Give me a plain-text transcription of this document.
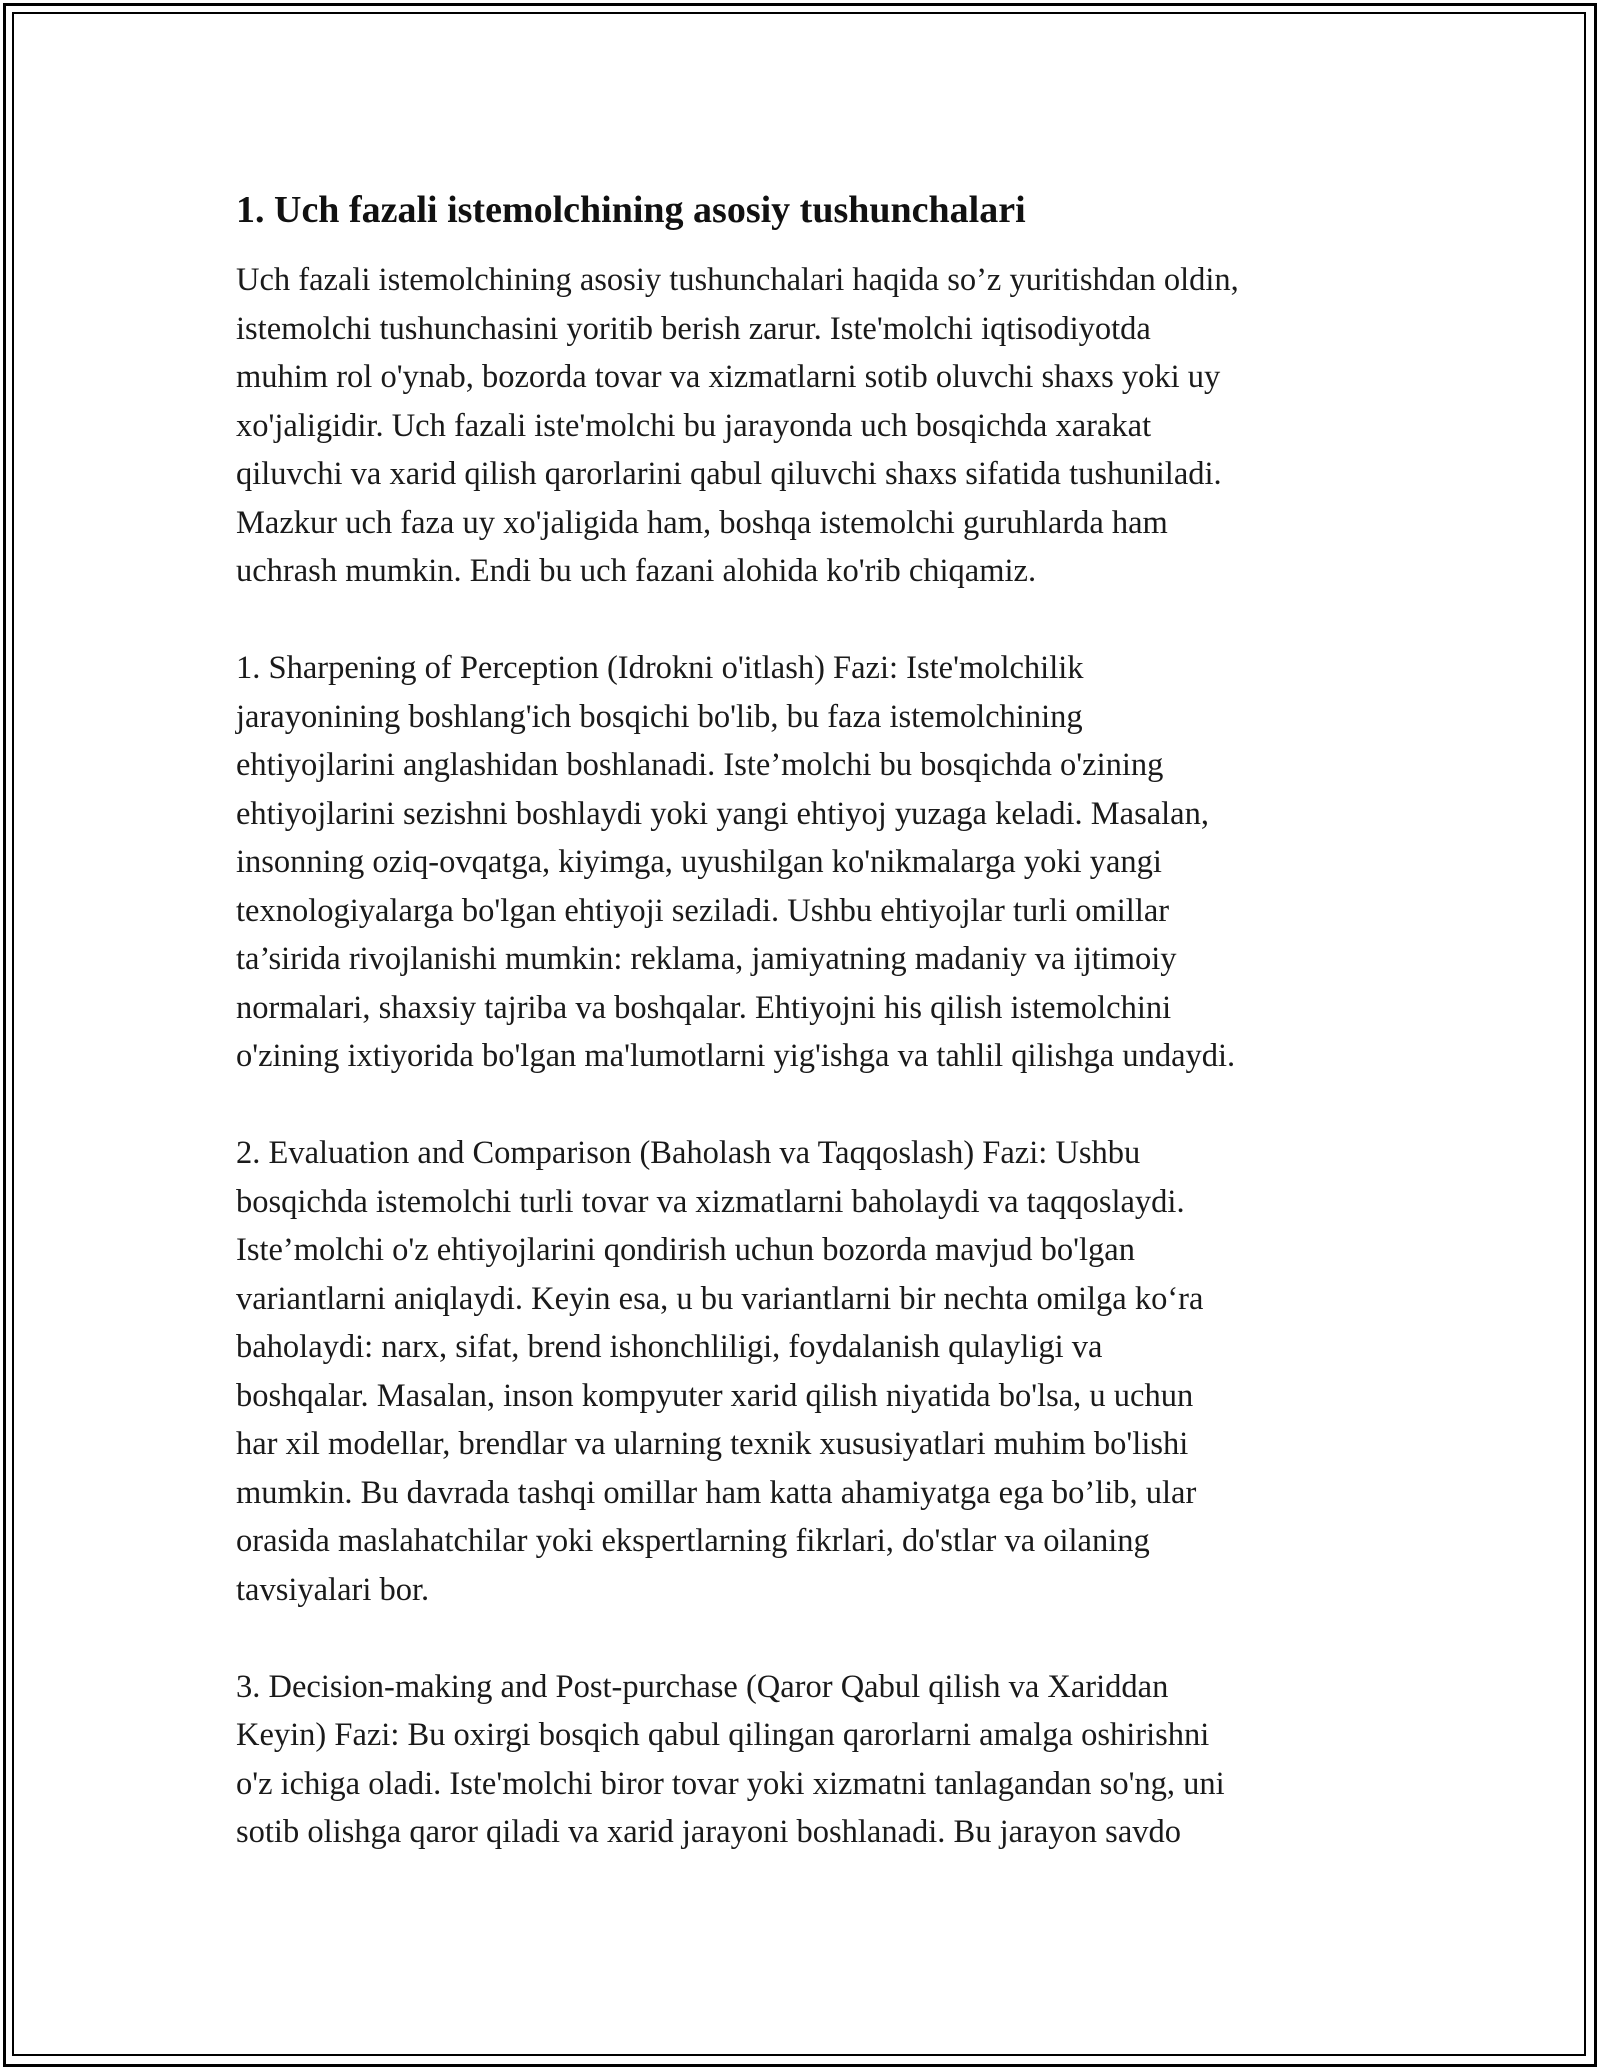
1. Uch fazali istemolchining asosiy tushunchalari

Uch fazali istemolchining asosiy tushunchalari haqida so’z yuritishdan oldin,
istemolchi tushunchasini yoritib berish zarur. Iste'molchi iqtisodiyotda
muhim rol o'ynab, bozorda tovar va xizmatlarni sotib oluvchi shaxs yoki uy
xo'jaligidir. Uch fazali iste'molchi bu jarayonda uch bosqichda xarakat
qiluvchi va xarid qilish qarorlarini qabul qiluvchi shaxs sifatida tushuniladi.
Mazkur uch faza uy xo'jaligida ham, boshqa istemolchi guruhlarda ham
uchrash mumkin. Endi bu uch fazani alohida ko'rib chiqamiz.

1. Sharpening of Perception (Idrokni o'itlash) Fazi: Iste'molchilik
jarayonining boshlang'ich bosqichi bo'lib, bu faza istemolchining
ehtiyojlarini anglashidan boshlanadi. Iste’molchi bu bosqichda o'zining
ehtiyojlarini sezishni boshlaydi yoki yangi ehtiyoj yuzaga keladi. Masalan,
insonning oziq-ovqatga, kiyimga, uyushilgan ko'nikmalarga yoki yangi
texnologiyalarga bo'lgan ehtiyoji seziladi. Ushbu ehtiyojlar turli omillar
ta’sirida rivojlanishi mumkin: reklama, jamiyatning madaniy va ijtimoiy
normalari, shaxsiy tajriba va boshqalar. Ehtiyojni his qilish istemolchini
o'zining ixtiyorida bo'lgan ma'lumotlarni yig'ishga va tahlil qilishga undaydi.

2. Evaluation and Comparison (Baholash va Taqqoslash) Fazi: Ushbu
bosqichda istemolchi turli tovar va xizmatlarni baholaydi va taqqoslaydi.
Iste’molchi o'z ehtiyojlarini qondirish uchun bozorda mavjud bo'lgan
variantlarni aniqlaydi. Keyin esa, u bu variantlarni bir nechta omilga ko‘ra
baholaydi: narx, sifat, brend ishonchliligi, foydalanish qulayligi va
boshqalar. Masalan, inson kompyuter xarid qilish niyatida bo'lsa, u uchun
har xil modellar, brendlar va ularning texnik xususiyatlari muhim bo'lishi
mumkin. Bu davrada tashqi omillar ham katta ahamiyatga ega bo’lib, ular
orasida maslahatchilar yoki ekspertlarning fikrlari, do'stlar va oilaning
tavsiyalari bor.

3. Decision-making and Post-purchase (Qaror Qabul qilish va Xariddan
Keyin) Fazi: Bu oxirgi bosqich qabul qilingan qarorlarni amalga oshirishni
o'z ichiga oladi. Iste'molchi biror tovar yoki xizmatni tanlagandan so'ng, uni
sotib olishga qaror qiladi va xarid jarayoni boshlanadi. Bu jarayon savdo
